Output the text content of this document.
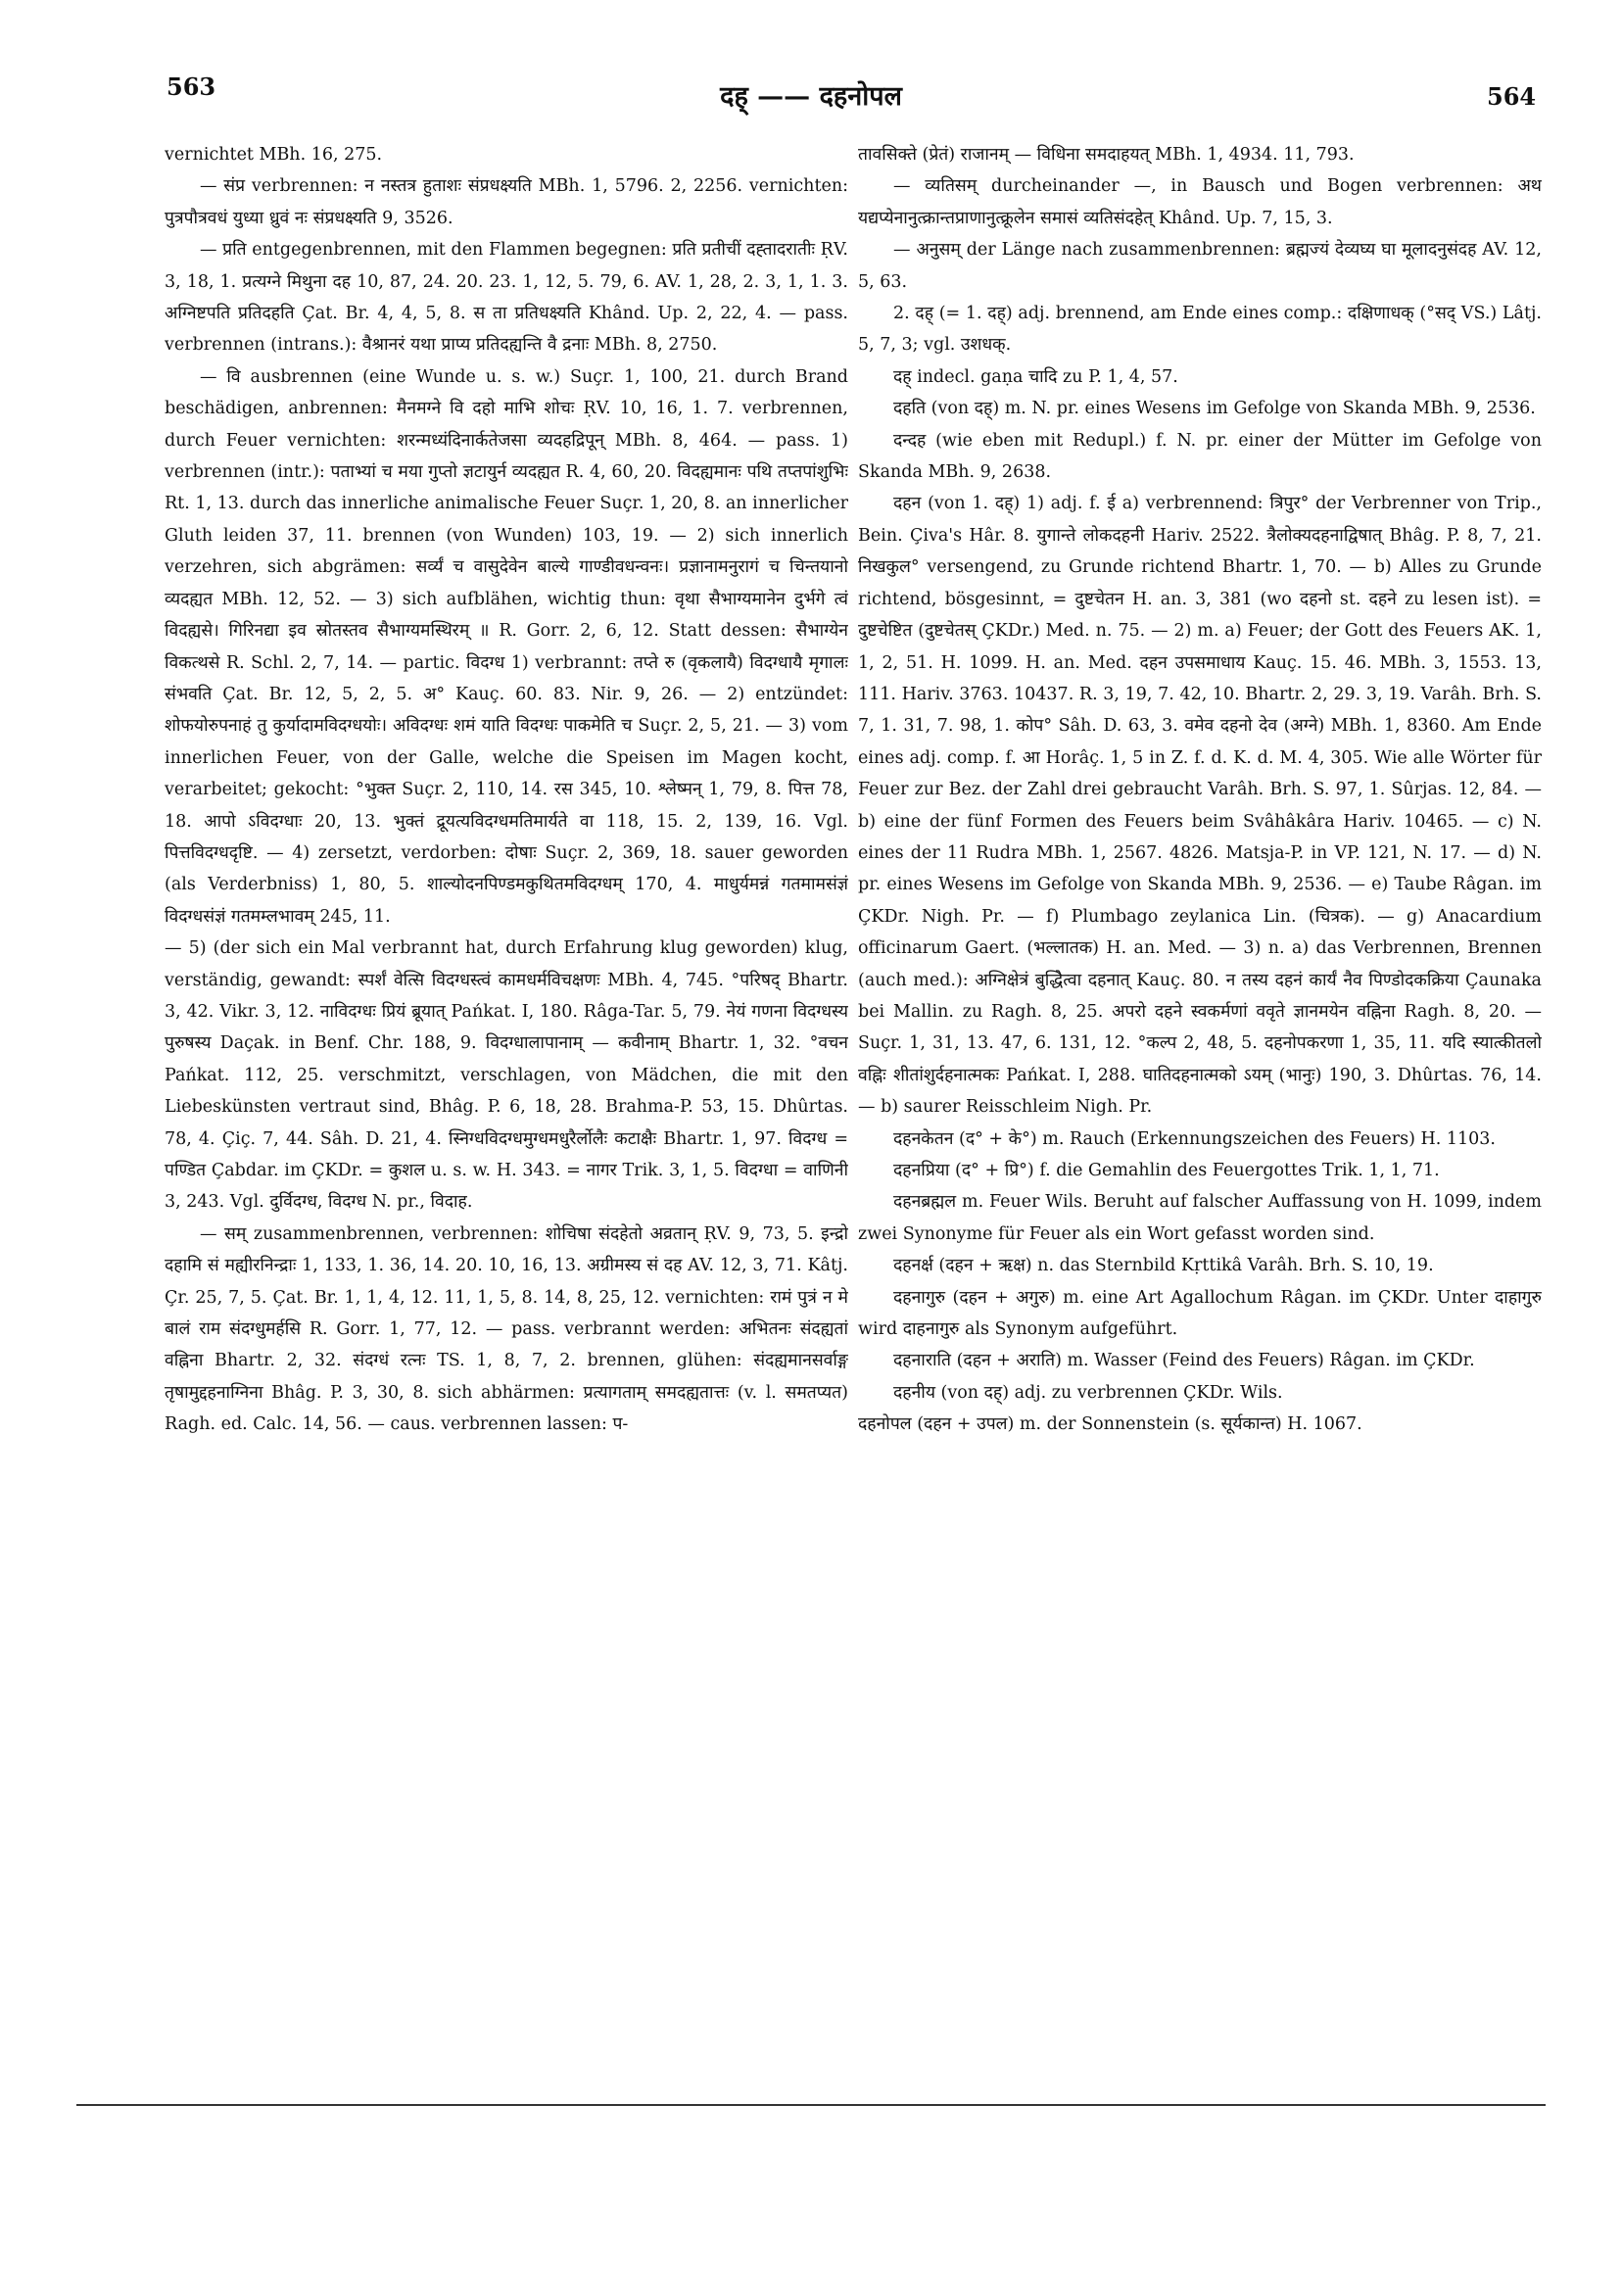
563	दह् —— दहनोपल	564

vernichtet MBh. 16, 275.

— संप्र verbrennen: न नस्तत्र हुताशः संप्रधक्ष्यति MBh. 1, 5796. 2, 2256. vernichten: पुत्रपौत्रवधं युध्या ध्रुवं नः संप्रधक्ष्यति 9, 3526.

— प्रति entgegenbrennen, mit den Flammen begegnen: प्रति प्रतीचीं दह्तादरातीः ṚV. 3, 18, 1. प्रत्यग्ने मिथुना दह 10, 87, 24. 20. 23. 1, 12, 5. 79, 6. AV. 1, 28, 2. 3, 1, 1. 3. अग्निष्टपति प्रतिदहति Çat. Br. 4, 4, 5, 8. स ता प्रतिधक्ष्यति Khând. Up. 2, 22, 4. — pass. verbrennen (intrans.): वैश्रानरं यथा प्राप्य प्रतिदह्यन्ति वै द्रनाः MBh. 8, 2750.

— वि ausbrennen (eine Wunde u. s. w.) Suçr. 1, 100, 21. durch Brand beschädigen, anbrennen: मैनमग्ने वि दहो माभि शोचः ṚV. 10, 16, 1. 7. verbrennen, durch Feuer vernichten: शरन्मध्यंदिनार्कतेजसा व्यदहद्रिपून् MBh. 8, 464. — pass. 1) verbrennen (intr.): पताभ्यां च मया गुप्तो ज्ञटायुर्न व्यदह्यत R. 4, 60, 20. विदह्यमानः पथि तप्तपांशुभिः Rt. 1, 13. durch das innerliche animalische Feuer Suçr. 1, 20, 8. an innerlicher Gluth leiden 37, 11. brennen (von Wunden) 103, 19. — 2) sich innerlich verzehren, sich abgrämen: सर्व्यं च वासुदेवेन बाल्ये गाण्डीवधन्वनः। प्रज्ञानामनुरागं च चिन्तयानो व्यदह्यत MBh. 12, 52. — 3) sich aufblähen, wichtig thun: वृथा सैभाग्यमानेन दुर्भगे त्वं विदह्यसे। गिरिनद्या इव स्रोतस्तव सैभाग्यमस्थिरम् ॥ R. Gorr. 2, 6, 12. Statt dessen: सैभाग्येन विकत्थसे R. Schl. 2, 7, 14. — partic. विदग्ध 1) verbrannt: तप्ते रु (वृकलायै) विदग्धायै मृगालः संभवति Çat. Br. 12, 5, 2, 5. अ° Kauç. 60. 83. Nir. 9, 26. — 2) entzündet: शोफयोरुपनाहं तु कुर्यादामविदग्धयोः। अविदग्धः शमं याति विदग्धः पाकमेति च Suçr. 2, 5, 21. — 3) vom innerlichen Feuer, von der Galle, welche die Speisen im Magen kocht, verarbeitet; gekocht: °भुक्त Suçr. 2, 110, 14. रस 345, 10. श्लेष्मन् 1, 79, 8. पित्त 78, 18. आपो ऽविदग्धाः 20, 13. भुक्तं द्रूयत्यविदग्धमतिमार्यते वा 118, 15. 2, 139, 16. Vgl. पित्तविदग्धदृष्टि. — 4) zersetzt, verdorben: दोषाः Suçr. 2, 369, 18. sauer geworden (als Verderbniss) 1, 80, 5. शाल्योदनपिण्डमकुथितमविदग्धम् 170, 4. माधुर्यमन्नं गतमामसंज्ञं विदग्धसंज्ञं गतमम्लभावम् 245, 11.

— 5) (der sich ein Mal verbrannt hat, durch Erfahrung klug geworden) klug, verständig, gewandt: स्पर्शं वेत्सि विदग्धस्त्वं कामधर्मविचक्षणः MBh. 4, 745. °परिषद् Bhartr. 3, 42. Vikr. 3, 12. नाविदग्धः प्रियं ब्रूयात् Pańkat. I, 180. Râga-Tar. 5, 79. नेयं गणना विदग्धस्य पुरुषस्य Daçak. in Benf. Chr. 188, 9. विदग्धालापानाम् — कवीनाम् Bhartr. 1, 32. °वचन Pańkat. 112, 25. verschmitzt, verschlagen, von Mädchen, die mit den Liebeskünsten vertraut sind, Bhâg. P. 6, 18, 28. Brahma-P. 53, 15. Dhûrtas. 78, 4. Çiç. 7, 44. Sâh. D. 21, 4. स्निग्धविदग्धमुग्धमधुरैर्लोलैः कटाक्षैः Bhartr. 1, 97. विदग्ध = पण्डित Çabdar. im ÇKDr. = कुशल u. s. w. H. 343. = नागर Trik. 3, 1, 5. विदग्धा = वाणिनी 3, 243. Vgl. दुर्विदग्ध, विदग्ध N. pr., विदाह.

— सम् zusammenbrennen, verbrennen: शोचिषा संदहेतो अव्रतान् ṚV. 9, 73, 5. इन्द्रो दहामि सं मह्यीरनिन्द्राः 1, 133, 1. 36, 14. 20. 10, 16, 13. अग्रीमस्य सं दह AV. 12, 3, 71. Kâtj. Çr. 25, 7, 5. Çat. Br. 1, 1, 4, 12. 11, 1, 5, 8. 14, 8, 25, 12. vernichten: रामं पुत्रं न मे बालं राम संदग्धुमर्हसि R. Gorr. 1, 77, 12. — pass. verbrannt werden: अभितनः संदह्यतां वह्निना Bhartr. 2, 32. संदग्धं रत्नः TS. 1, 8, 7, 2. brennen, glühen: संदह्यमानसर्वाङ्ग तृषामुद्दहनाग्निना Bhâg. P. 3, 30, 8. sich abhärmen: प्रत्यागताम् समदह्यतात्तः (v. l. समतप्यत) Ragh. ed. Calc. 14, 56. — caus. verbrennen lassen: प-

तावसिक्ते (प्रेतं) राजानम् — विधिना समदाहयत् MBh. 1, 4934. 11, 793.

— व्यतिसम् durcheinander —, in Bausch und Bogen verbrennen: अथ यद्यप्येनानुत्क्रान्तप्राणानुत्क्रूलेन समासं व्यतिसंदहेत् Khând. Up. 7, 15, 3.

— अनुसम् der Länge nach zusammenbrennen: ब्रह्मज्यं देव्यघ्य घा मूलादनुसंदह AV. 12, 5, 63.

2. दह् (= 1. दह्) adj. brennend, am Ende eines comp.: दक्षिणाधक् (°सद् VS.) Lâtj. 5, 7, 3; vgl. उशधक्.

दह् indecl. gaṇa चादि zu P. 1, 4, 57.

दहति (von दह्) m. N. pr. eines Wesens im Gefolge von Skanda MBh. 9, 2536.

दन्दह (wie eben mit Redupl.) f. N. pr. einer der Mütter im Gefolge von Skanda MBh. 9, 2638.

दहन (von 1. दह्) 1) adj. f. ई a) verbrennend: त्रिपुर° der Verbrenner von Trip., Bein. Çiva's Hâr. 8. युगान्ते लोकदहनी Hariv. 2522. त्रैलोक्यदहनाद्विषात् Bhâg. P. 8, 7, 21. निखकुल° versengend, zu Grunde richtend Bhartr. 1, 70. — b) Alles zu Grunde richtend, bösgesinnt, = दुष्टचेतन H. an. 3, 381 (wo दहनो st. दहने zu lesen ist). = दुष्टचेष्टित (दुष्टचेतस् ÇKDr.) Med. n. 75. — 2) m. a) Feuer; der Gott des Feuers AK. 1, 1, 2, 51. H. 1099. H. an. Med. दहन उपसमाधाय Kauç. 15. 46. MBh. 3, 1553. 13, 111. Hariv. 3763. 10437. R. 3, 19, 7. 42, 10. Bhartr. 2, 29. 3, 19. Varâh. Brh. S. 7, 1. 31, 7. 98, 1. कोप° Sâh. D. 63, 3. वमेव दहनो देव (अग्ने) MBh. 1, 8360. Am Ende eines adj. comp. f. आ Horâç. 1, 5 in Z. f. d. K. d. M. 4, 305. Wie alle Wörter für Feuer zur Bez. der Zahl drei gebraucht Varâh. Brh. S. 97, 1. Sûrjas. 12, 84. — b) eine der fünf Formen des Feuers beim Svâhâkâra Hariv. 10465. — c) N. eines der 11 Rudra MBh. 1, 2567. 4826. Matsja-P. in VP. 121, N. 17. — d) N. pr. eines Wesens im Gefolge von Skanda MBh. 9, 2536. — e) Taube Râgan. im ÇKDr. Nigh. Pr. — f) Plumbago zeylanica Lin. (चित्रक). — g) Anacardium officinarum Gaert. (भल्लातक) H. an. Med. — 3) n. a) das Verbrennen, Brennen (auch med.): अग्निक्षेत्रं बुद्धिेत्वा दहनात् Kauç. 80. न तस्य दहनं कार्यं नैव पिण्डोदकक्रिया Çaunaka bei Mallin. zu Ragh. 8, 25. अपरो दहने स्वकर्मणां ववृते ज्ञानमयेन वह्निना Ragh. 8, 20. — Suçr. 1, 31, 13. 47, 6. 131, 12. °कल्प 2, 48, 5. दहनोपकरणा 1, 35, 11. यदि स्यात्कीतलो वह्निः शीतांशुर्दहनात्मकः Pańkat. I, 288. घातिदहनात्मको ऽयम् (भानुः) 190, 3. Dhûrtas. 76, 14. — b) saurer Reisschleim Nigh. Pr.

दहनकेतन (द° + के°) m. Rauch (Erkennungszeichen des Feuers) H. 1103.

दहनप्रिया (द° + प्रि°) f. die Gemahlin des Feuergottes Trik. 1, 1, 71.

दहनब्रह्मल m. Feuer Wils. Beruht auf falscher Auffassung von H. 1099, indem zwei Synonyme für Feuer als ein Wort gefasst worden sind.

दहनर्क्ष (दहन + ऋक्ष) n. das Sternbild Kṛttikâ Varâh. Brh. S. 10, 19.

दहनागुरु (दहन + अगुरु) m. eine Art Agallochum Râgan. im ÇKDr. Unter दाहागुरु wird दाहनागुरु als Synonym aufgeführt.

दहनाराति (दहन + अराति) m. Wasser (Feind des Feuers) Râgan. im ÇKDr.

दहनीय (von दह्) adj. zu verbrennen ÇKDr. Wils.

दहनोपल (दहन + उपल) m. der Sonnenstein (s. सूर्यकान्त) H. 1067.
